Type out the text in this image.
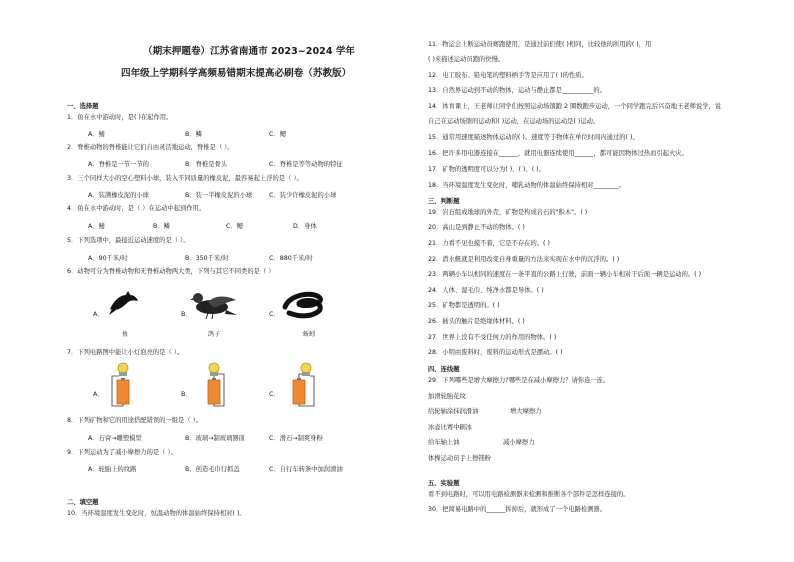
（期末押题卷）江苏省南通市 2023~2024 学年
四年级上学期科学高频易错期末提高必刷卷（苏教版）
一、选择题
1．鱼在水中游动时，是( )在起作用。
A．鳍	B．鳞	C．鳃
2．脊椎动物的脊椎能让它们自由灵活地运动，脊椎是（ ）。
A．脊椎是一节一节的	B．脊椎是骨头	C．脊椎是等等动物的特征
3．三个同样大小的空心塑料小球，装入不同质量的橡皮泥，最容易起上浮的是（ ）。
A．装满橡皮泥的小球	B．装一半橡皮泥的小球	C．装少许橡皮泥的小球
4．鱼在水中游动时，是（ ）在运动中起到作用。
A．鳍	B．鳞	C．鳃	D．身体
5．下列选项中，最接近运动速度的是（ ）。
A．90千米/时	B．350千米/时	C．880千米/时
6．动物可分为脊椎动物和无脊椎动物两大类，下列与其它不同类的是（ ）
A．	B．	C．
鱼	鸽子	蚯蚓
7．下列电路图中能让小灯泡亮的是（ ）。
A．	B．	C．
8．下列矿物和它的用途搭配错误的一组是（ ）。
A．石膏→雕塑模型	B．玻璃→制玻璃器皿	C．滑石→制爽身粉
9．下列运动为了减小摩擦力的是（ ）。
A．轮胎上的纹路	B．创造毛巾行抓盖	C．自行车转条中加润滑油
二、填空题
10．当环境温度发生变化时，恒温动物的体温始终保持相对( )。
11．物运会上断运动员赛跑使用，是通过前们使( )相同，比较他的所用的( )，用
( )来描述运动员跑的快慢。
12．电工胶布、铅电笔的塑料柄手等是应用了( )的性质。
13．自然界运动到不动的物体，运动与静止都是__________的。
14．体育课上，王老师让同学们按照运动场馈跑 2 圈数跑步运动，一个同学跑完后兴奋地王老师说学，说
自己在运动场馈的运动和( )运动，在运动场的运动是( )运动。
15．通常用速度描述物体运动的( )。速度等于物体在单位时间内通过的( )。
16．把许多用电器连接在______，就用电器连续使用______，都可能因物体过热而引起火灾。
17．矿物的透明度可以分为( )、( )、( )。
18．当环境温度发生变化时，哺乳动物的体温始终保持相对________。
三、判断题
19．岩石组成地球的外壳，矿物是构成岩石的"积木"。( )
20．高山是到静止不动的物体。( )
21．力看不见也摸不着，它是不存在的。( )
22．潜水艇就是利用改变自身重量的方法来实现在水中的沉浮的。( )
23．两辆小车以相同的速度在一条平直的公路上行驶，前面一辆小车相对于后面一辆是运动的。( )
24．人体、湿毛巾、纯净水都是导体。( )
25．矿物都是透明的。( )
26．插头的触片是绝缘体材料。( )
27．世界上没有不受任何力的作用的物体。( )
28．小明由废料时，废料的运动形式是摆动。( )
四、连线题
29．下列哪些是增大摩擦力?哪些是在减小摩擦力？请你连一连。
加滑轮胎花纹
给轮轴涂抹润滑油	增大摩擦力
冰壶比赛中刷冰
给车轴上油	减小摩擦力
体操运动员手上擦镁粉
五、实验题
看不到电路时，可以用电路检测器来检测和推断各个部件是怎样连接的。
30．把简易电路中的______拆掉后，就形成了一个电路检测器。
